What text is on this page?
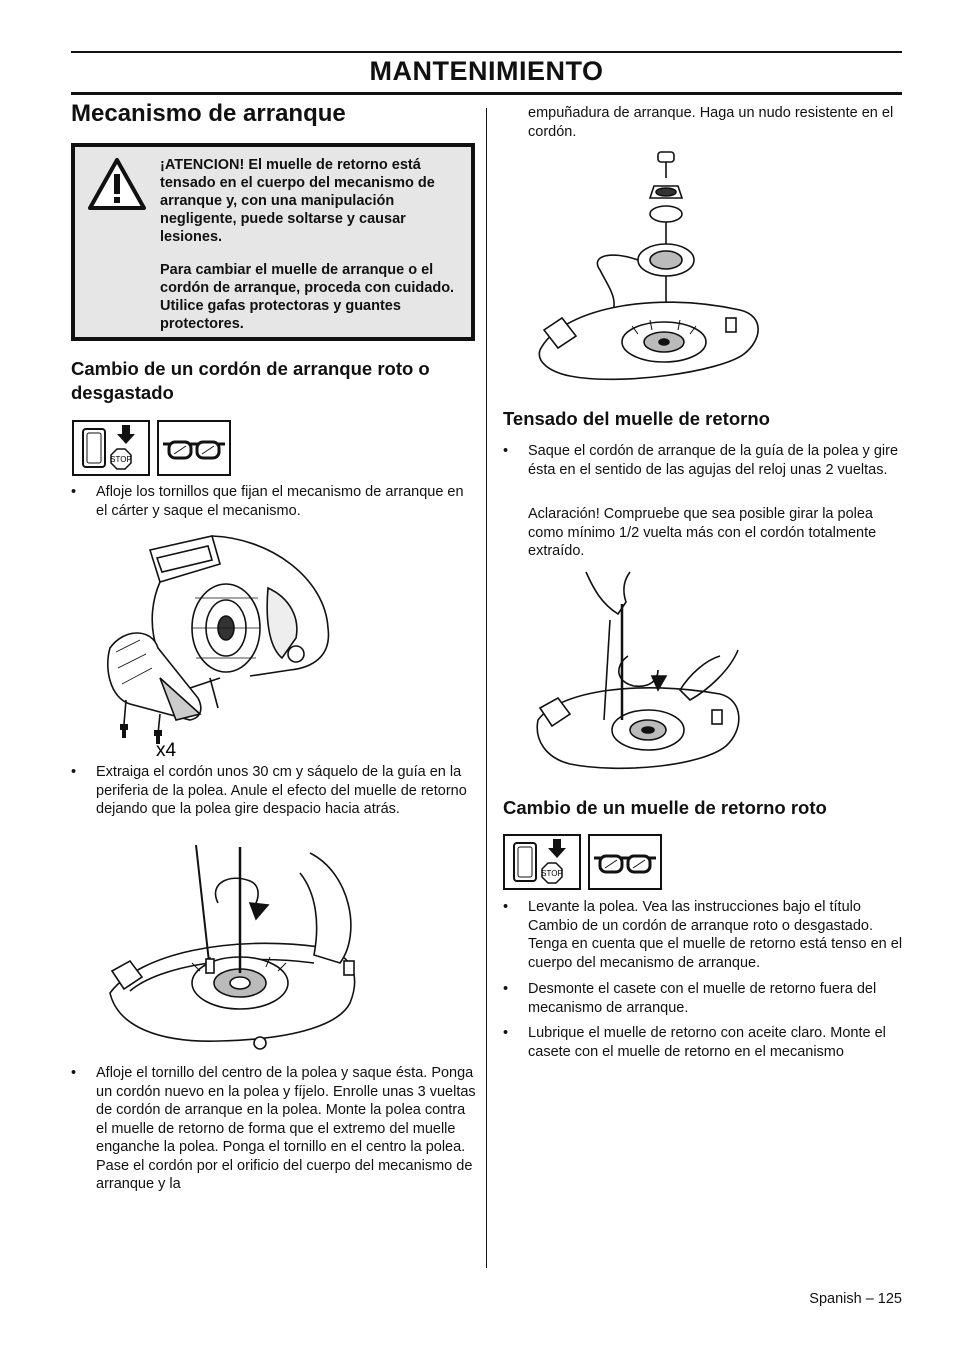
MANTENIMIENTO
Mecanismo de arranque

¡ATENCION! El muelle de retorno está tensado en el cuerpo del mecanismo de arranque y, con una manipulación negligente, puede soltarse y causar lesiones.

Para cambiar el muelle de arranque o el cordón de arranque, proceda con cuidado. Utilice gafas protectoras y guantes protectores.

Cambio de un cordón de arranque roto o desgastado
STOP
• Afloje los tornillos que fijan el mecanismo de arranque en el cárter y saque el mecanismo.
x4
• Extraiga el cordón unos 30 cm y sáquelo de la guía en la periferia de la polea. Anule el efecto del muelle de retorno dejando que la polea gire despacio hacia atrás.
• Afloje el tornillo del centro de la polea y saque ésta. Ponga un cordón nuevo en la polea y fíjelo. Enrolle unas 3 vueltas de cordón de arranque en la polea. Monte la polea contra el muelle de retorno de forma que el extremo del muelle enganche la polea. Ponga el tornillo en el centro la polea. Pase el cordón por el orificio del cuerpo del mecanismo de arranque y la
empuñadura de arranque. Haga un nudo resistente en el cordón.
Tensado del muelle de retorno
• Saque el cordón de arranque de la guía de la polea y gire ésta en el sentido de las agujas del reloj unas 2 vueltas.
Aclaración! Compruebe que sea posible girar la polea como mínimo 1/2 vuelta más con el cordón totalmente extraído.
Cambio de un muelle de retorno roto
STOP
• Levante la polea. Vea las instrucciones bajo el título Cambio de un cordón de arranque roto o desgastado. Tenga en cuenta que el muelle de retorno está tenso en el cuerpo del mecanismo de arranque.
• Desmonte el casete con el muelle de retorno fuera del mecanismo de arranque.
• Lubrique el muelle de retorno con aceite claro. Monte el casete con el muelle de retorno en el mecanismo
Spanish – 125
